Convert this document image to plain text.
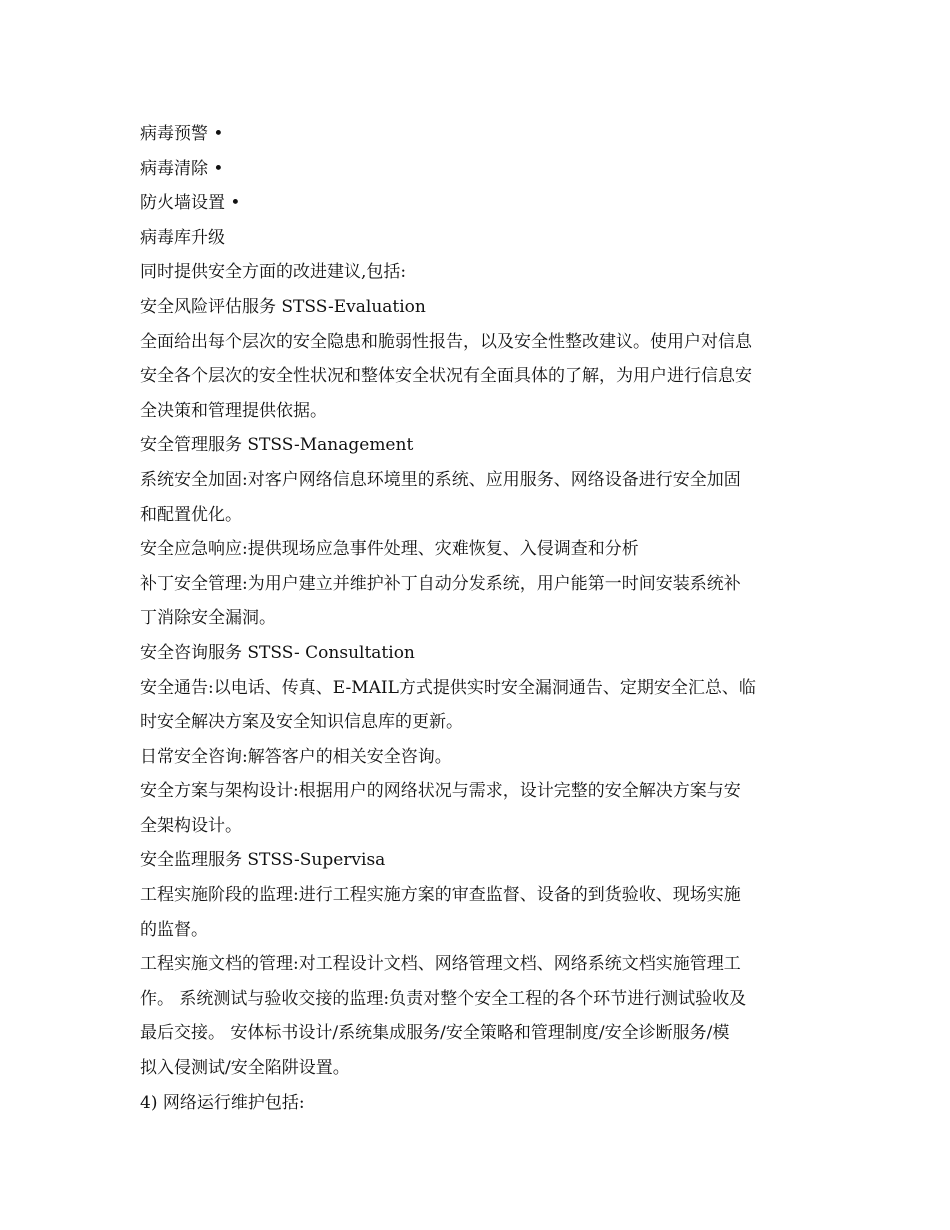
病毒预警 •
病毒清除 •
防火墙设置 •
病毒库升级
同时提供安全方面的改进建议,包括:
安全风险评估服务 STSS-Evaluation
全面给出每个层次的安全隐患和脆弱性报告，以及安全性整改建议。使用户对信息
安全各个层次的安全性状况和整体安全状况有全面具体的了解，为用户进行信息安
全决策和管理提供依据。
安全管理服务 STSS-Management
系统安全加固:对客户网络信息环境里的系统、应用服务、网络设备进行安全加固
和配置优化。
安全应急响应:提供现场应急事件处理、灾难恢复、入侵调查和分析
补丁安全管理:为用户建立并维护补丁自动分发系统，用户能第一时间安装系统补
丁消除安全漏洞。
安全咨询服务 STSS- Consultation
安全通告:以电话、传真、E-MAIL方式提供实时安全漏洞通告、定期安全汇总、临
时安全解决方案及安全知识信息库的更新。
日常安全咨询:解答客户的相关安全咨询。
安全方案与架构设计:根据用户的网络状况与需求，设计完整的安全解决方案与安
全架构设计。
安全监理服务 STSS-Supervisa
工程实施阶段的监理:进行工程实施方案的审查监督、设备的到货验收、现场实施
的监督。
工程实施文档的管理:对工程设计文档、网络管理文档、网络系统文档实施管理工
作。 系统测试与验收交接的监理:负责对整个安全工程的各个环节进行测试验收及
最后交接。 安体标书设计/系统集成服务/安全策略和管理制度/安全诊断服务/模
拟入侵测试/安全陷阱设置。
4) 网络运行维护包括:
